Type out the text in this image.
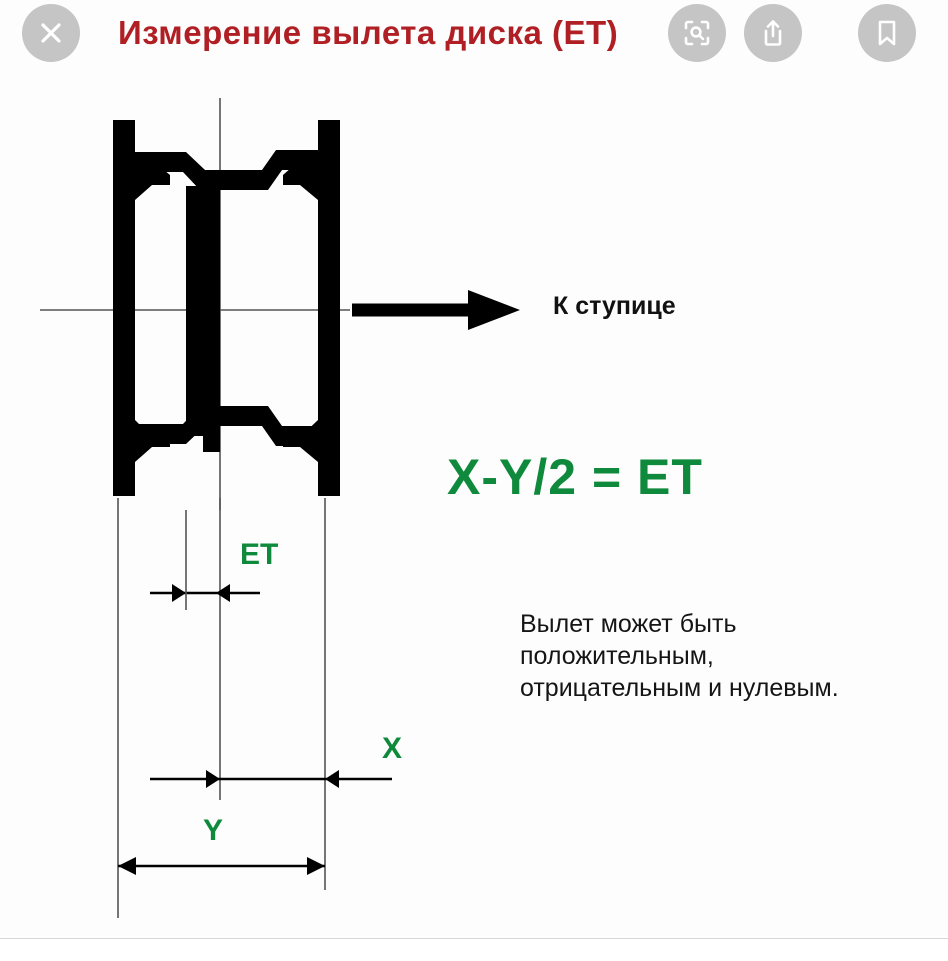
Измерение вылета диска (ET)
К ступице
X-Y/2 = ET
Вылет может быть положительным, отрицательным и нулевым.
ET
X
Y
